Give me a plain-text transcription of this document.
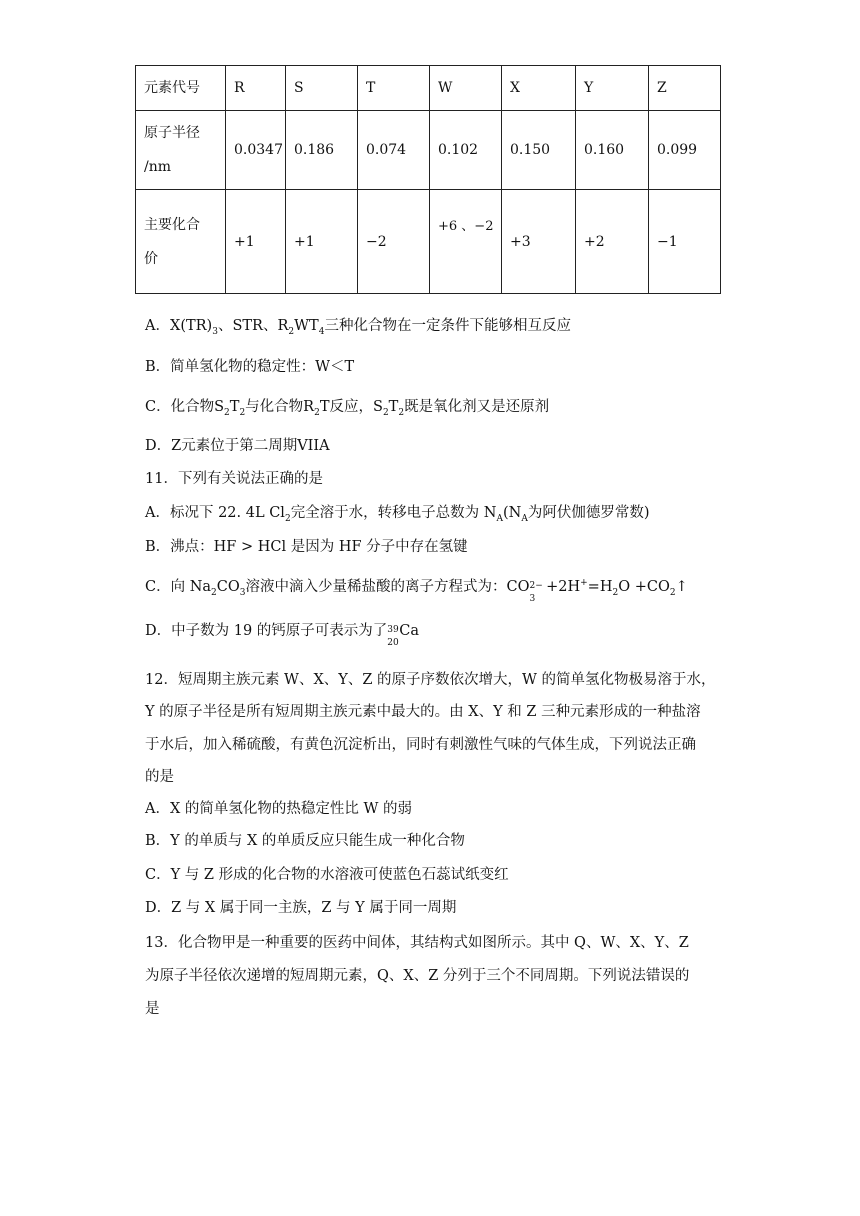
元素代号	R	S	T	W	X	Y	Z

原子半径
/nm	0.0347	0.186	0.074	0.102	0.150	0.160	0.099

主要化合
价	+1	+1	−2	+6 、−2	+3	+2	−1
A．$X(TR)_3$、STR、$R_2WT_4$三种化合物在一定条件下能够相互反应
B．简单氢化物的稳定性：W＜T
C．化合物$S_2T_2$与化合物$R_2T$反应，$S_2T_2$既是氧化剂又是还原剂
D．Z元素位于第二周期VIIA
11．下列有关说法正确的是
A．标况下 22. 4L $Cl_2$完全溶于水，转移电子总数为 $N_A(N_A$为阿伏伽德罗常数)
B．沸点：HF > HCl 是因为 HF 分子中存在氢键
C．向 $Na_2CO_3$溶液中滴入少量稀盐酸的离子方程式为：CO 2−
3
$+2H^+=H_2O$ $+CO_2↑$
D．中子数为 19 的钙原子可表示为了 39
20
Ca
12．短周期主族元素 W、X、Y、Z 的原子序数依次增大，W 的简单氢化物极易溶于水，
Y 的原子半径是所有短周期主族元素中最大的。由 X、Y 和 Z 三种元素形成的一种盐溶
于水后，加入稀硫酸，有黄色沉淀析出，同时有刺激性气味的气体生成，下列说法正确
的是
A．X 的简单氢化物的热稳定性比 W 的弱
B．Y 的单质与 X 的单质反应只能生成一种化合物
C．Y 与 Z 形成的化合物的水溶液可使蓝色石蕊试纸变红
D．Z 与 X 属于同一主族，Z 与 Y 属于同一周期
13．化合物甲是一种重要的医药中间体，其结构式如图所示。其中 Q、W、X、Y、Z
为原子半径依次递增的短周期元素，Q、X、Z 分列于三个不同周期。下列说法错误的
是
